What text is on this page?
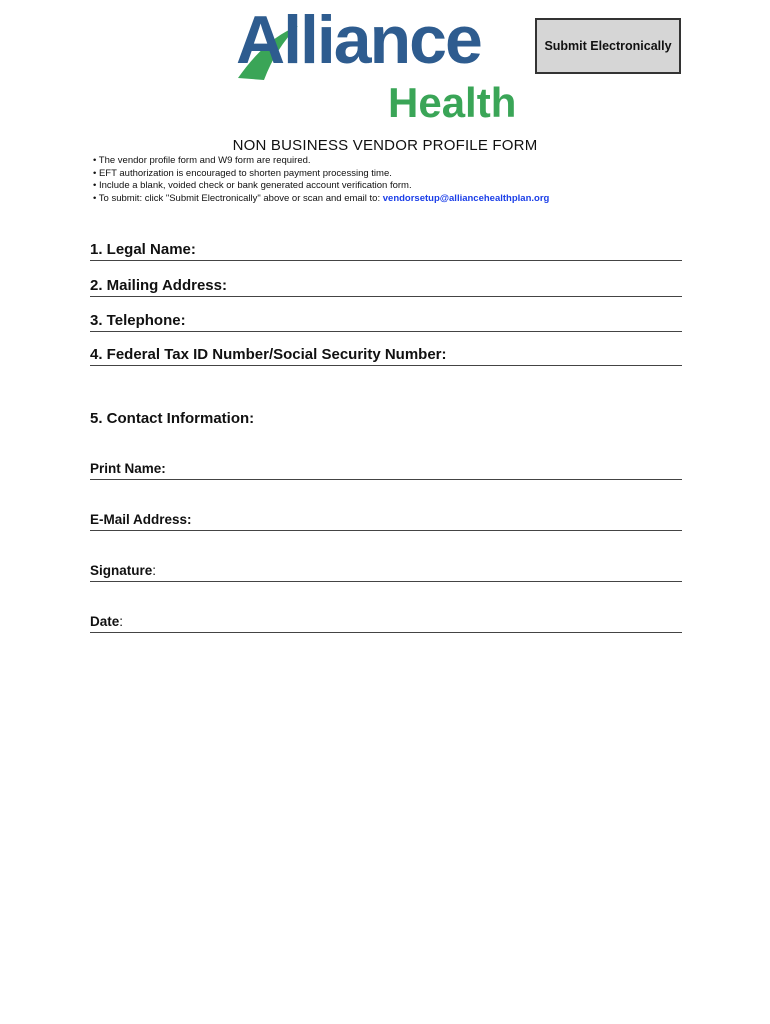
Alliance
Health
Submit Electronically
NON BUSINESS VENDOR PROFILE FORM
• The vendor profile form and W9 form are required.
• EFT authorization is encouraged to shorten payment processing time.
• Include a blank, voided check or bank generated account verification form.
• To submit: click "Submit Electronically" above or scan and email to: vendorsetup@alliancehealthplan.org
1. Legal Name:
2. Mailing Address:
3. Telephone:
4. Federal Tax ID Number/Social Security Number:
5. Contact Information:
Print Name:
E-Mail Address:
Signature:
Date:
